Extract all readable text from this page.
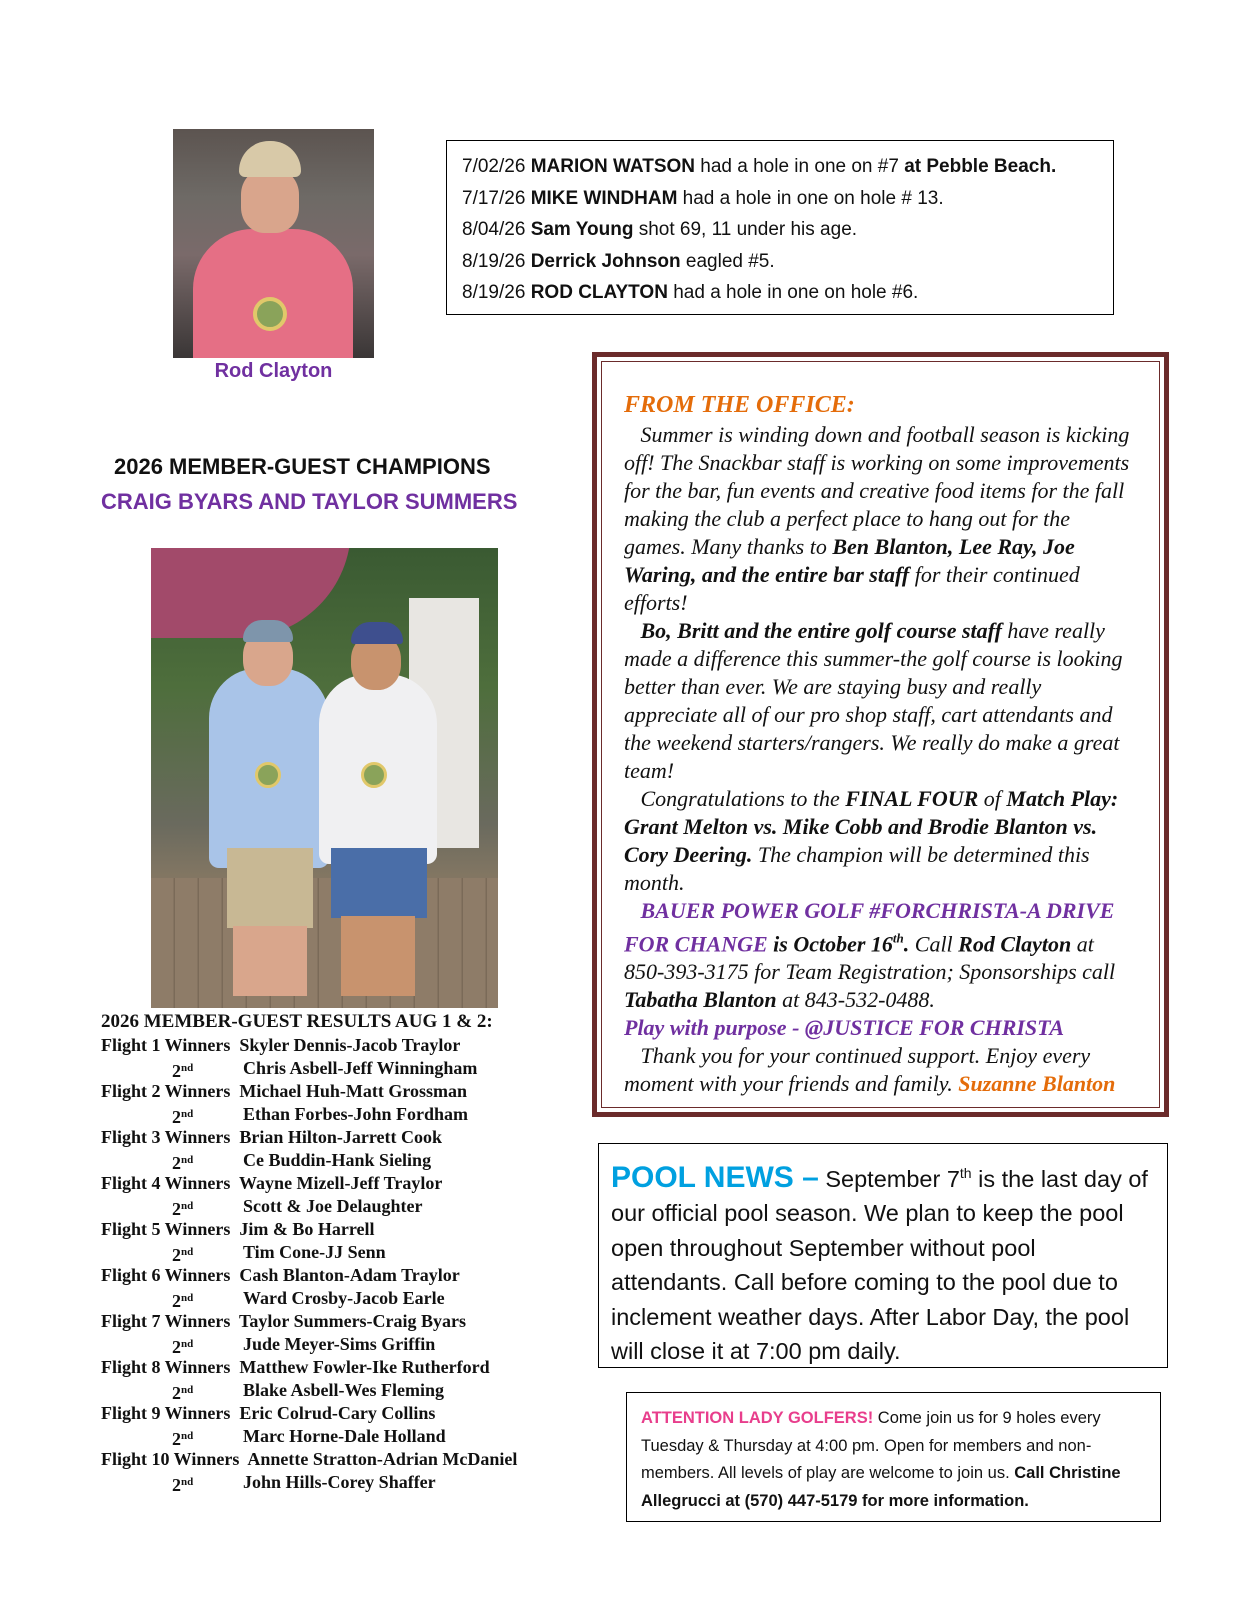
Rod Clayton
7/02/26 MARION WATSON had a hole in one on #7 at Pebble Beach.
7/17/26 MIKE WINDHAM had a hole in one on hole # 13.
8/04/26 Sam Young shot 69, 11 under his age.
8/19/26 Derrick Johnson eagled #5.
8/19/26 ROD CLAYTON had a hole in one on hole #6.
2026 MEMBER-GUEST CHAMPIONS
CRAIG BYARS AND TAYLOR SUMMERS
2026 MEMBER-GUEST RESULTS AUG 1 & 2:
Flight 1 Winners Skyler Dennis-Jacob Traylor
2nd	Chris Asbell-Jeff Winningham
Flight 2 Winners Michael Huh-Matt Grossman
2nd	Ethan Forbes-John Fordham
Flight 3 Winners Brian Hilton-Jarrett Cook
2nd	Ce Buddin-Hank Sieling
Flight 4 Winners Wayne Mizell-Jeff Traylor
2nd	Scott & Joe Delaughter
Flight 5 Winners Jim & Bo Harrell
2nd	Tim Cone-JJ Senn
Flight 6 Winners Cash Blanton-Adam Traylor
2nd	Ward Crosby-Jacob Earle
Flight 7 Winners Taylor Summers-Craig Byars
2nd	Jude Meyer-Sims Griffin
Flight 8 Winners Matthew Fowler-Ike Rutherford
2nd	Blake Asbell-Wes Fleming
Flight 9 Winners Eric Colrud-Cary Collins
2nd	Marc Horne-Dale Holland
Flight 10 Winners Annette Stratton-Adrian McDaniel
2nd	John Hills-Corey Shaffer
FROM THE OFFICE:
Summer is winding down and football season is kicking off! The Snackbar staff is working on some improvements for the bar, fun events and creative food items for the fall making the club a perfect place to hang out for the games. Many thanks to Ben Blanton, Lee Ray, Joe Waring, and the entire bar staff for their continued efforts!
Bo, Britt and the entire golf course staff have really made a difference this summer-the golf course is looking better than ever. We are staying busy and really appreciate all of our pro shop staff, cart attendants and the weekend starters/rangers. We really do make a great team!
Congratulations to the FINAL FOUR of Match Play: Grant Melton vs. Mike Cobb and Brodie Blanton vs. Cory Deering. The champion will be determined this month.
BAUER POWER GOLF #FORCHRISTA-A DRIVE FOR CHANGE is October 16th. Call Rod Clayton at 850-393-3175 for Team Registration; Sponsorships call Tabatha Blanton at 843-532-0488.
Play with purpose - @JUSTICE FOR CHRISTA
Thank you for your continued support. Enjoy every moment with your friends and family. Suzanne Blanton
POOL NEWS – September 7th is the last day of our official pool season. We plan to keep the pool open throughout September without pool attendants. Call before coming to the pool due to inclement weather days. After Labor Day, the pool will close it at 7:00 pm daily.
ATTENTION LADY GOLFERS! Come join us for 9 holes every Tuesday & Thursday at 4:00 pm. Open for members and non-members. All levels of play are welcome to join us. Call Christine Allegrucci at (570) 447-5179 for more information.
